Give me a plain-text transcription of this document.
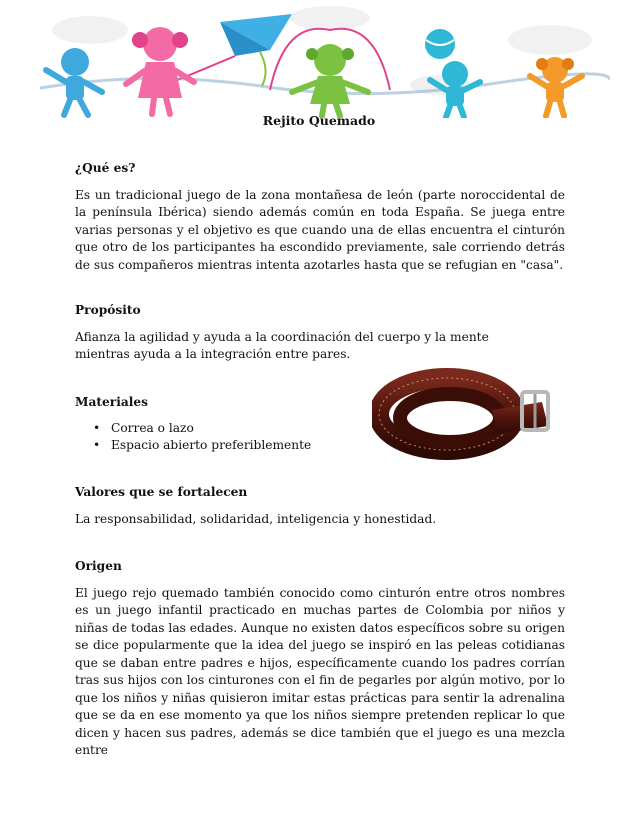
Rejito Quemado

¿Qué es?

Es un tradicional juego de la zona montañesa de león (parte noroccidental de la península Ibérica) siendo además común en toda España. Se juega entre varias personas y el objetivo es que cuando una de ellas encuentra el cinturón que otro de los participantes ha escondido previamente, sale corriendo detrás de sus compañeros mientras intenta azotarles hasta que se refugian en "casa".

Propósito

Afianza la agilidad y ayuda a la coordinación del cuerpo y la mente mientras ayuda a la integración entre pares.

Materiales

• Correa o lazo
• Espacio abierto preferiblemente

Valores que se fortalecen

La responsabilidad, solidaridad, inteligencia y honestidad.

Origen

El juego rejo quemado también conocido como cinturón entre otros nombres es un juego infantil practicado en muchas partes de Colombia por niños y niñas de todas las edades. Aunque no existen datos específicos sobre su origen se dice popularmente que la idea del juego se inspiró en las peleas cotidianas que se daban entre padres e hijos, específicamente cuando los padres corrían tras sus hijos con los cinturones con el fin de pegarles por algún motivo, por lo que los niños y niñas quisieron imitar estas prácticas para sentir la adrenalina que se da en ese momento ya que los niños siempre pretenden replicar lo que dicen y hacen sus padres, además se dice también que el juego es una mezcla entre
